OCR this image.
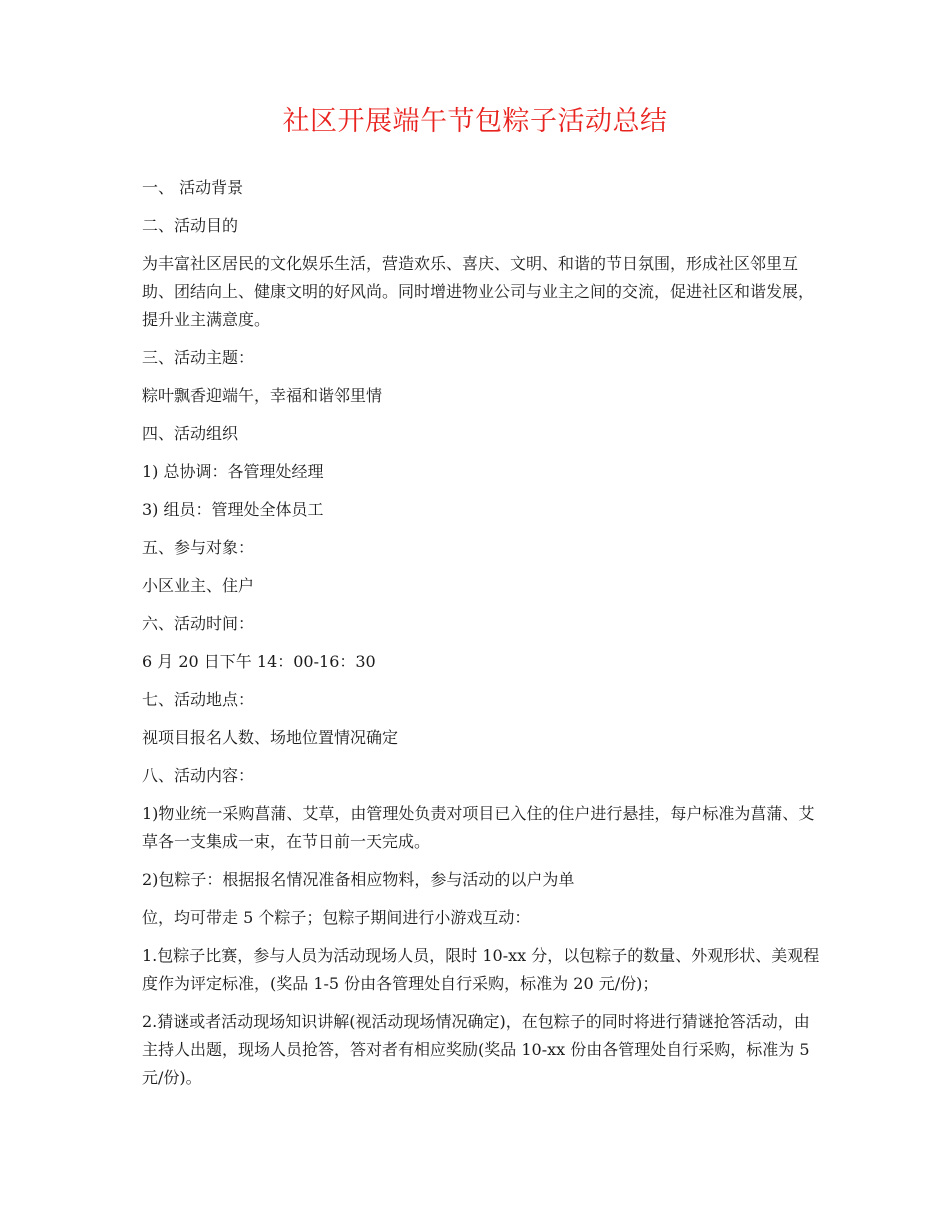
社区开展端午节包粽子活动总结

一、 活动背景

二、活动目的

为丰富社区居民的文化娱乐生活，营造欢乐、喜庆、文明、和谐的节日氛围，形成社区邻里互助、团结向上、健康文明的好风尚。同时增进物业公司与业主之间的交流，促进社区和谐发展，提升业主满意度。

三、活动主题：

粽叶飘香迎端午，幸福和谐邻里情

四、活动组织

1) 总协调：各管理处经理

3) 组员：管理处全体员工

五、参与对象：

小区业主、住户

六、活动时间：

6 月 20 日下午 14：00-16：30

七、活动地点：

视项目报名人数、场地位置情况确定

八、活动内容：

1)物业统一采购菖蒲、艾草，由管理处负责对项目已入住的住户进行悬挂，每户标准为菖蒲、艾草各一支集成一束，在节日前一天完成。

2)包粽子：根据报名情况准备相应物料，参与活动的以户为单

位，均可带走 5 个粽子；包粽子期间进行小游戏互动：

1.包粽子比赛，参与人员为活动现场人员，限时 10-xx 分，以包粽子的数量、外观形状、美观程度作为评定标准，(奖品 1-5 份由各管理处自行采购，标准为 20 元/份)；

2.猜谜或者活动现场知识讲解(视活动现场情况确定)，在包粽子的同时将进行猜谜抢答活动，由主持人出题，现场人员抢答，答对者有相应奖励(奖品 10-xx 份由各管理处自行采购，标准为 5 元/份)。
